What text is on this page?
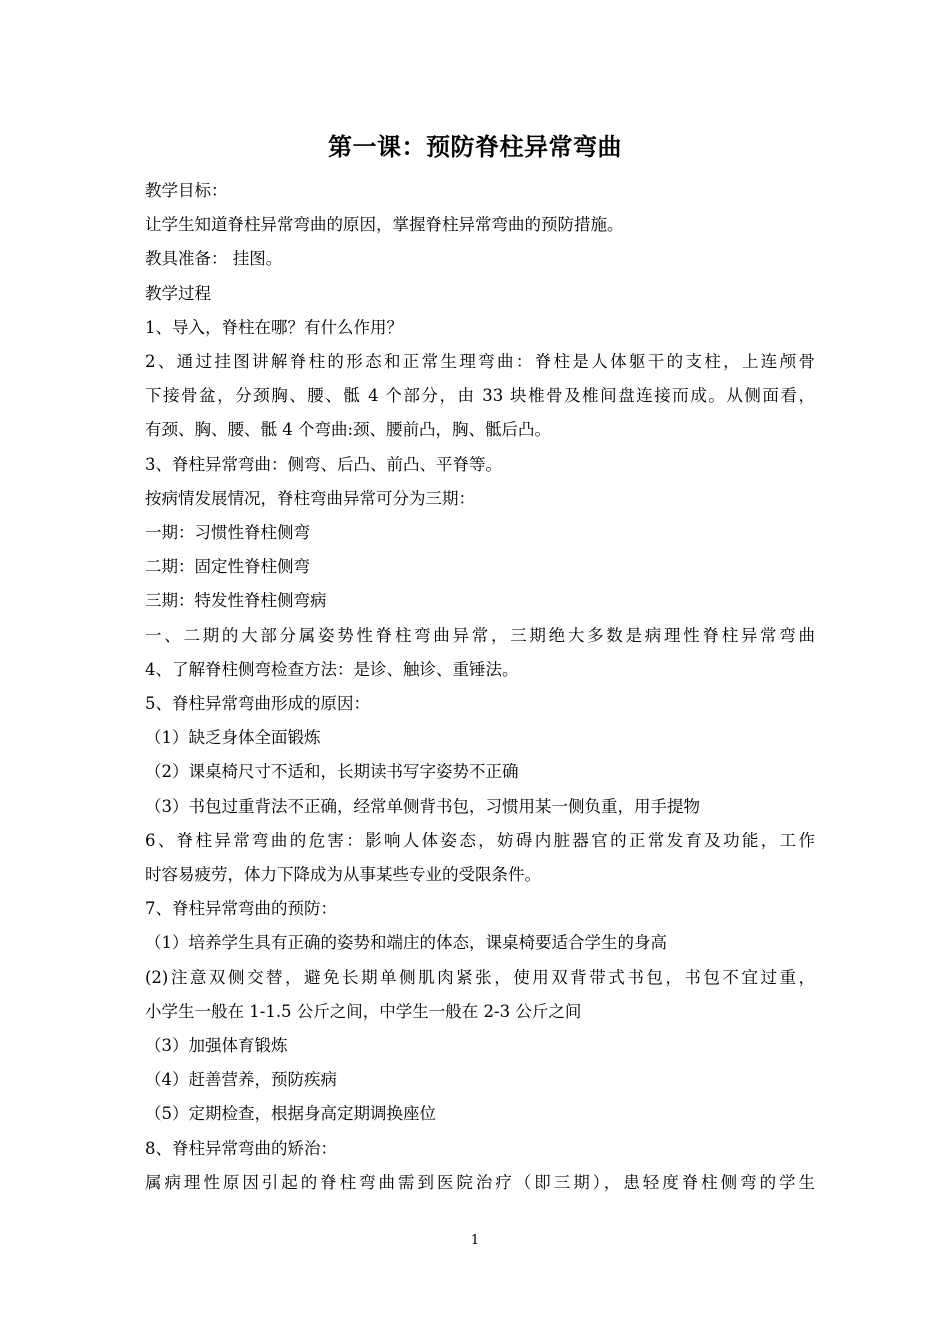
第一课：预防脊柱异常弯曲
教学目标：
让学生知道脊柱异常弯曲的原因，掌握脊柱异常弯曲的预防措施。
教具准备： 挂图。
教学过程
1、导入，脊柱在哪？有什么作用？
2、通过挂图讲解脊柱的形态和正常生理弯曲：脊柱是人体躯干的支柱，上连颅骨
下接骨盆，分颈胸、腰、骶 4 个部分，由 33 块椎骨及椎间盘连接而成。从侧面看，
有颈、胸、腰、骶 4 个弯曲:颈、腰前凸，胸、骶后凸。
3、脊柱异常弯曲：侧弯、后凸、前凸、平脊等。
按病情发展情况，脊柱弯曲异常可分为三期：
一期：习惯性脊柱侧弯
二期：固定性脊柱侧弯
三期：特发性脊柱侧弯病
一、二期的大部分属姿势性脊柱弯曲异常，三期绝大多数是病理性脊柱异常弯曲
4、了解脊柱侧弯检查方法：是诊、触诊、重锤法。
5、脊柱异常弯曲形成的原因：
（1）缺乏身体全面锻炼
（2）课桌椅尺寸不适和，长期读书写字姿势不正确
（3）书包过重背法不正确，经常单侧背书包，习惯用某一侧负重，用手提物
6、脊柱异常弯曲的危害：影响人体姿态，妨碍内脏器官的正常发育及功能，工作
时容易疲劳，体力下降成为从事某些专业的受限条件。
7、脊柱异常弯曲的预防：
（1）培养学生具有正确的姿势和端庄的体态，课桌椅要适合学生的身高
(2)注意双侧交替，避免长期单侧肌肉紧张，使用双背带式书包，书包不宜过重，
小学生一般在 1-1.5 公斤之间，中学生一般在 2-3 公斤之间
（3）加强体育锻炼
（4）赶善营养，预防疾病
（5）定期检查，根据身高定期调换座位
8、脊柱异常弯曲的矫治：
属病理性原因引起的脊柱弯曲需到医院治疗（即三期），患轻度脊柱侧弯的学生
1
